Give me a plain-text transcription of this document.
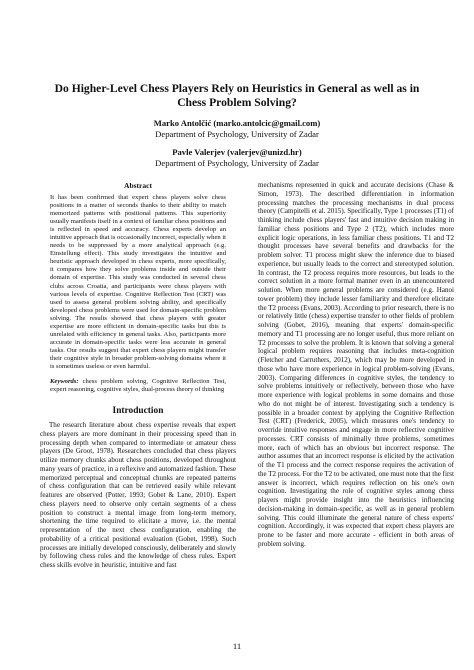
Do Higher-Level Chess Players Rely on Heuristics in General as well as in Chess Problem Solving?
Marko Antolčić (marko.antolcic@gmail.com)
Department of Psychology, University of Zadar
Pavle Valerjev (valerjev@unizd.hr)
Department of Psychology, University of Zadar
Abstract

It has been confirmed that expert chess players solve chess positions in a matter of seconds thanks to their ability to match memorized patterns with positional patterns. This superiority usually manifests itself in a context of familiar chess positions and is reflected in speed and accuracy. Chess experts develop an intuitive approach that is occasionally incorrect, especially when it needs to be suppressed by a more analytical approach (e.g. Einstellung effect). This study investigates the intuitive and heuristic approach developed in chess experts, more specifically, it compares how they solve problems inside and outside their domain of expertise. This study was conducted in several chess clubs across Croatia, and participants were chess players with various levels of expertise. Cognitive Reflection Test (CRT) was used to assess general problem solving ability, and specifically developed chess problems were used for domain-specific problem solving. The results showed that chess players with greater expertise are more efficient in domain-specific tasks but this is unrelated with efficiency in general tasks. Also, participants more accurate in domain-specific tasks were less accurate in general tasks. Our results suggest that expert chess players might transfer their cognitive style in broader problem-solving domains where it is sometimes useless or even harmful.

Keywords: chess problem solving, Cognitive Reflection Test, expert reasoning, cognitive styles, dual-process theory of thinking

Introduction

The research literature about chess expertise reveals that expert chess players are more dominant in their processing speed than in processing depth when compared to intermediate or amateur chess players (De Groot, 1978). Researchers concluded that chess players utilize memory chunks about chess positions, developed throughout many years of practice, in a reflexive and automatized fashion. These memorized perceptual and conceptual chunks are repeated patterns of chess configuration that can be retrieved easily while relevant features are observed (Potter, 1993; Gobet & Lane, 2010). Expert chess players need to observe only certain segments of a chess position to construct a mental image from long-term memory, shortening the time required to elicitate a move, i.e. the mental representation of the next chess configuration, enabling the probability of a critical positional evaluation (Gobet, 1998). Such processes are initially developed consciously, deliberately and slowly by following chess rules and the knowledge of chess rules. Expert chess skills evolve in heuristic, intuitive and fast

mechanisms represented in quick and accurate decisions (Chase & Simon, 1973). The described differentiation in information processing matches the processing mechanisms in dual process theory (Campitelli et al. 2015). Specifically, Type 1 processes (T1) of thinking include chess players' fast and intuitive decision making in familiar chess positions and Type 2 (T2), which includes more explicit logic operations, in less familiar chess positions. T1 and T2 thought processes have several benefits and drawbacks for the problem solver. T1 process might skew the inference due to biased experience, but usually leads to the correct and stereotyped solution. In contrast, the T2 process requires more resources, but leads to the correct solution in a more formal manner even in an unencountered solution. When more general problems are considered (e.g. Hanoi tower problem) they include lesser familiarity and therefore elicitate the T2 process (Evans, 2003). According to prior research, there is no or relatively little (chess) expertise transfer to other fields of problem solving (Gobet, 2016), meaning that experts' domain-specific memory and T1 processing are no longer useful, thus more reliant on T2 processes to solve the problem. It is known that solving a general logical problem requires reasoning that includes meta-cognition (Fletcher and Carruthers, 2012), which may be more developed in those who have more experience in logical problem-solving (Evans, 2003). Comparing differences in cognitive styles, the tendency to solve problems intuitively or reflectively, between those who have more experience with logical problems in some domains and those who do not might be of interest. Investigating such a tendency is possible in a broader context by applying the Cognitive Reflection Test (CRT) (Frederick, 2005), which measures one's tendency to override intuitive responses and engage in more reflective cognitive processes. CRT consists of minimally three problems, sometimes more, each of which has an obvious but incorrect response. The author assumes that an incorrect response is elicited by the activation of the T1 process and the correct response requires the activation of the T2 process. For the T2 to be activated, one must note that the first answer is incorrect, which requires reflection on his one's own cognition. Investigating the role of cognitive styles among chess players might provide insight into the heuristics influencing decision-making in domain-specific, as well as in general problem solving. This could illuminate the general nature of chess experts' cognition. Accordingly, it was expected that expert chess players are prone to be faster and more accurate - efficient in both areas of problem solving.

11
